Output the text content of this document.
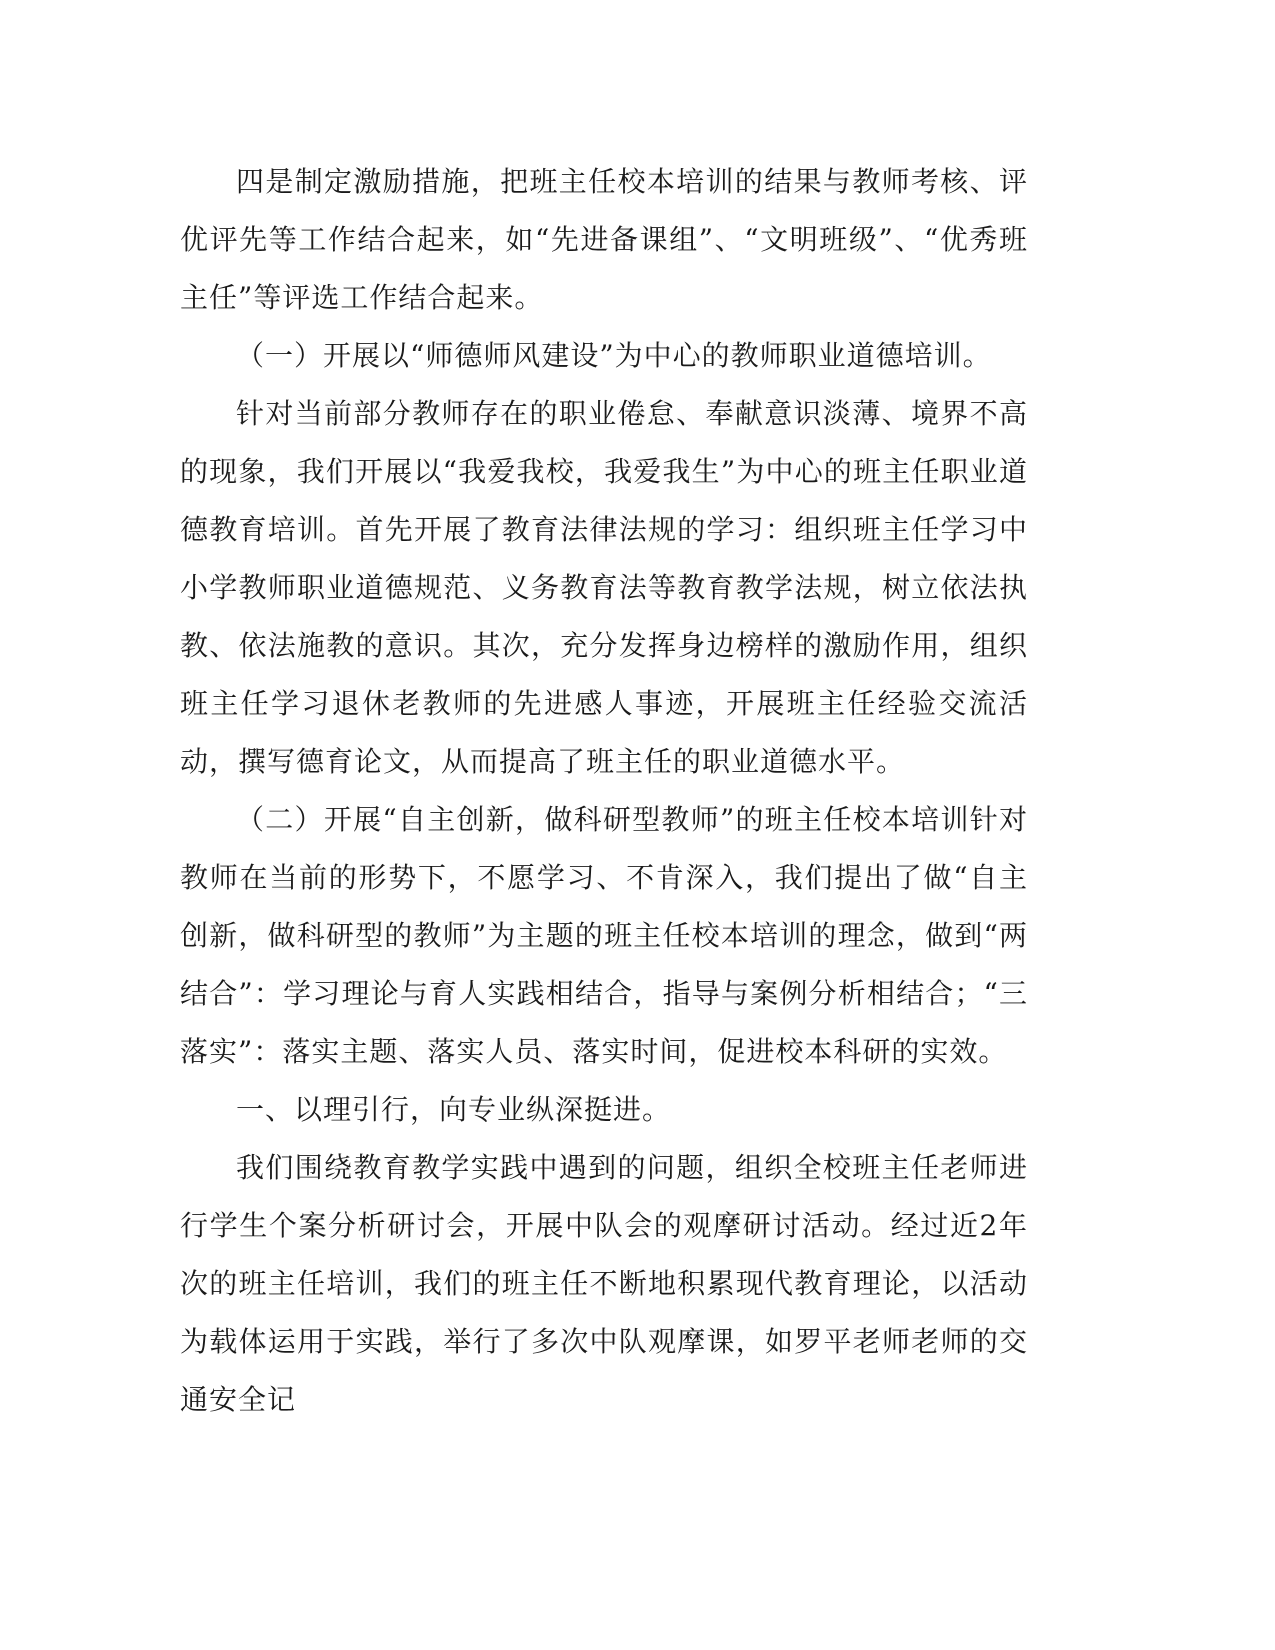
四是制定激励措施，把班主任校本培训的结果与教师考核、评优评先等工作结合起来，如“先进备课组”、“文明班级”、“优秀班主任”等评选工作结合起来。

（一）开展以“师德师风建设”为中心的教师职业道德培训。

针对当前部分教师存在的职业倦怠、奉献意识淡薄、境界不高的现象，我们开展以“我爱我校，我爱我生”为中心的班主任职业道德教育培训。首先开展了教育法律法规的学习：组织班主任学习中小学教师职业道德规范、义务教育法等教育教学法规，树立依法执教、依法施教的意识。其次，充分发挥身边榜样的激励作用，组织班主任学习退休老教师的先进感人事迹，开展班主任经验交流活动，撰写德育论文，从而提高了班主任的职业道德水平。

（二）开展“自主创新，做科研型教师”的班主任校本培训针对教师在当前的形势下，不愿学习、不肯深入，我们提出了做“自主创新，做科研型的教师”为主题的班主任校本培训的理念，做到“两结合”：学习理论与育人实践相结合，指导与案例分析相结合；“三落实”：落实主题、落实人员、落实时间，促进校本科研的实效。

一、以理引行，向专业纵深挺进。

我们围绕教育教学实践中遇到的问题，组织全校班主任老师进行学生个案分析研讨会，开展中队会的观摩研讨活动。经过近2年次的班主任培训，我们的班主任不断地积累现代教育理论，以活动为载体运用于实践，举行了多次中队观摩课，如罗平老师老师的交通安全记
